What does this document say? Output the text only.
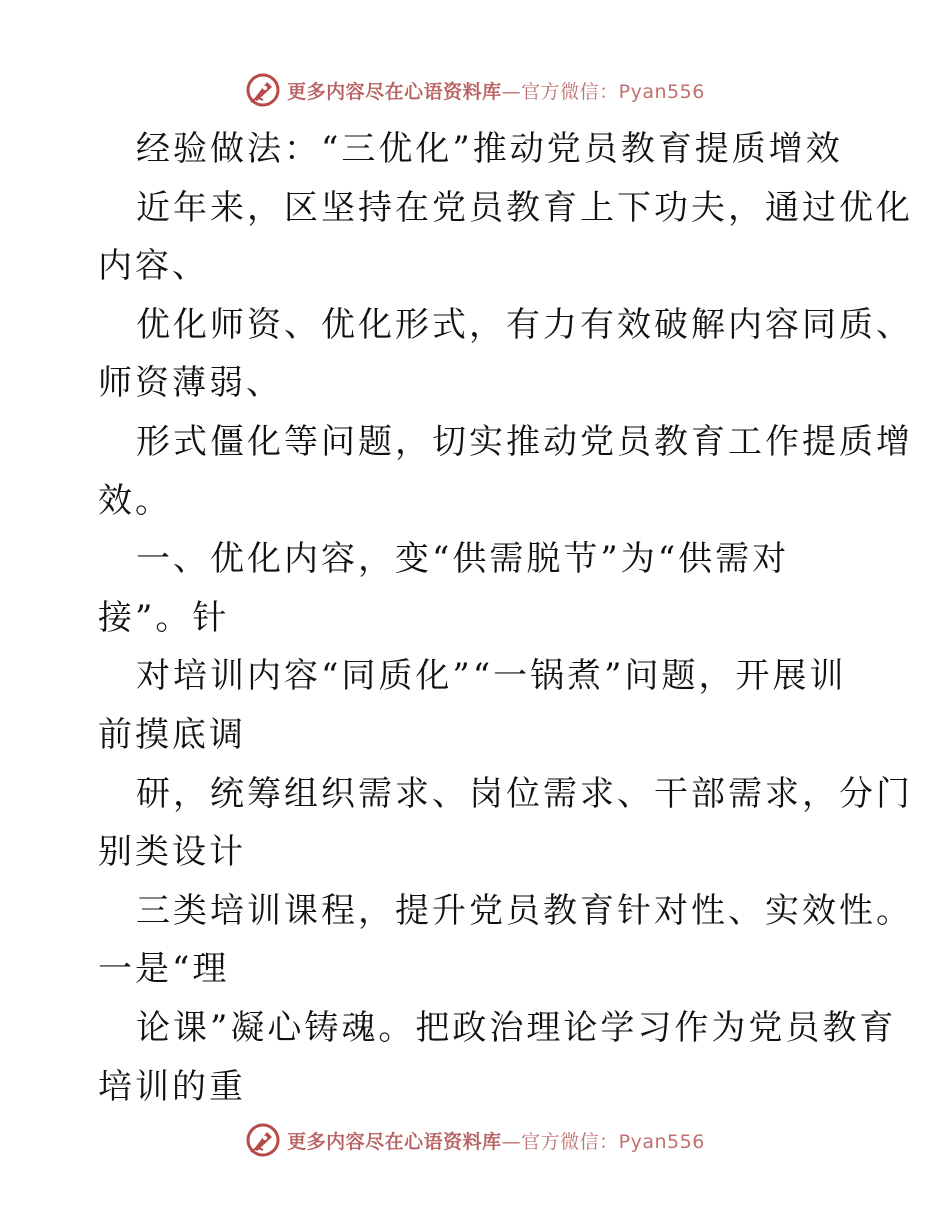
更多内容尽在心语资料库—官方微信：Pyan556
经验做法：“三优化”推动党员教育提质增效
近年来，区坚持在党员教育上下功夫，通过优化
内容、
优化师资、优化形式，有力有效破解内容同质、
师资薄弱、
形式僵化等问题，切实推动党员教育工作提质增
效。
一、优化内容，变“供需脱节”为“供需对
接”。针
对培训内容“同质化”“一锅煮”问题，开展训
前摸底调
研，统筹组织需求、岗位需求、干部需求，分门
别类设计
三类培训课程，提升党员教育针对性、实效性。
一是“理
论课”凝心铸魂。把政治理论学习作为党员教育
培训的重
更多内容尽在心语资料库—官方微信：Pyan556
